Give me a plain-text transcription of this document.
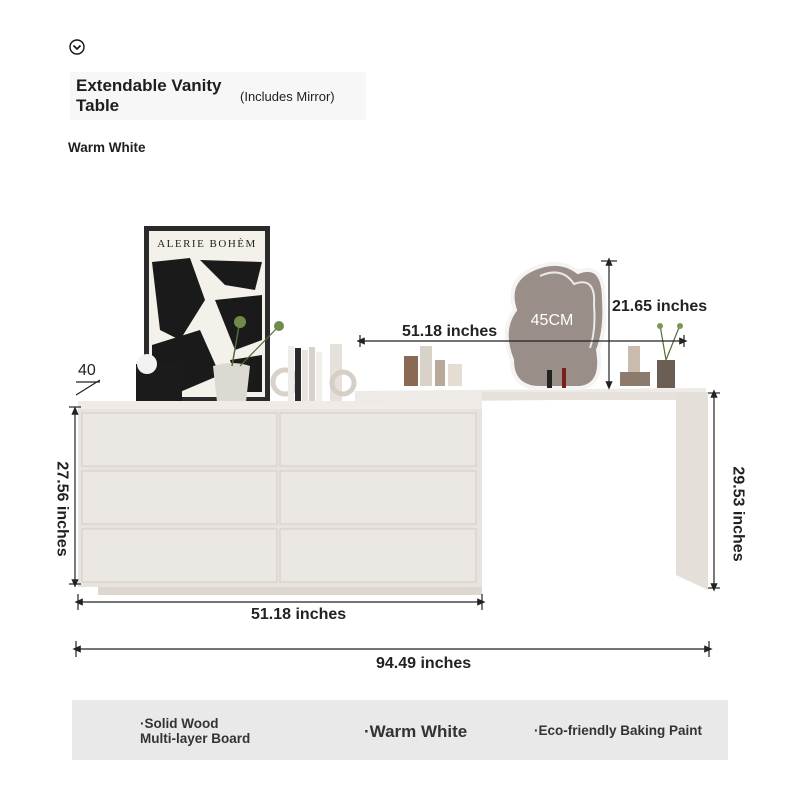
Extendable Vanity Table	(Includes Mirror)
Warm White
ALERIE BOHÈM
45CM
51.18 inches
21.65 inches
40
27.56 inches	29.53 inches
51.18 inches
94.49 inches
·Solid Wood
Multi-layer Board	·Warm White	·Eco-friendly Baking Paint
